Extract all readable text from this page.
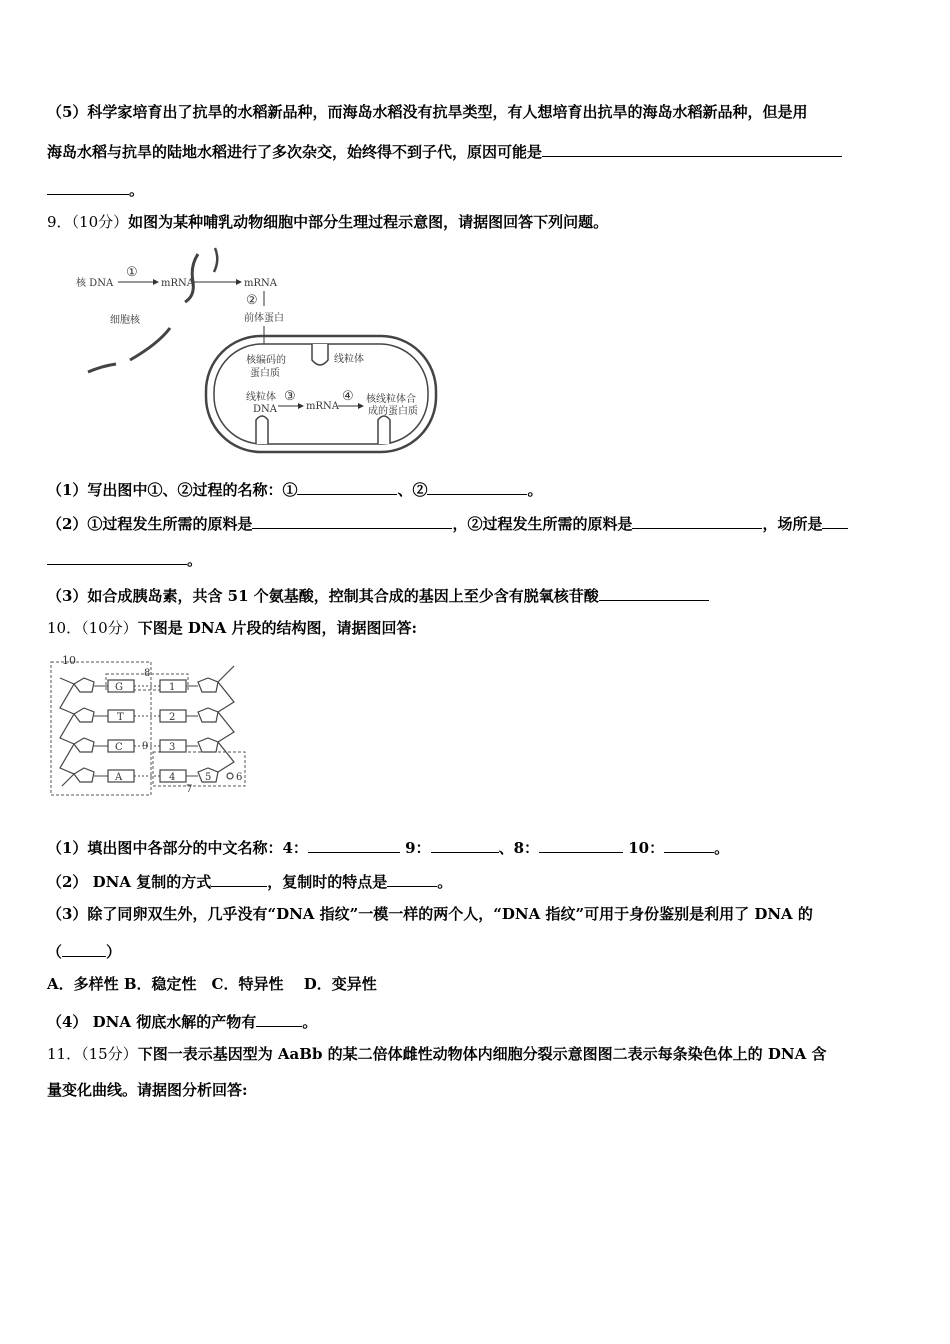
（5）科学家培育出了抗旱的水稻新品种，而海岛水稻没有抗旱类型，有人想培育出抗旱的海岛水稻新品种，但是用
海岛水稻与抗旱的陆地水稻进行了多次杂交，始终得不到子代，原因可能是
。
9．（10分）如图为某种哺乳动物细胞中部分生理过程示意图，请据图回答下列问题。
核 DNA
①
mRNA	mRNA
②
前体蛋白
细胞核
核编码的
蛋白质
线粒体
线粒体
DNA
③
mRNA
④ 核线粒体合
成的蛋白质
（1）写出图中①、②过程的名称：①	、②	。
（2）①过程发生所需的原料是	，②过程发生所需的原料是	，场所是
。
（3）如合成胰岛素，共含 51 个氨基酸，控制其合成的基因上至少含有脱氧核苷酸
10．（10分）下图是 DNA 片段的结构图，请据图回答:
10
8
7
6
G	1
T	2
C 9 3
A	4	5
（1）填出图中各部分的中文名称：4：	9：	、8：	10：	。
（2） DNA 复制的方式	，复制时的特点是	。
（3）除了同卵双生外，几乎没有“DNA 指纹”一模一样的两个人，“DNA 指纹”可用于身份鉴别是利用了 DNA 的
（	）
A．多样性 B．稳定性　C．特异性　 D．变异性
（4） DNA 彻底水解的产物有	。
11．（15分）下图一表示基因型为 AaBb 的某二倍体雌性动物体内细胞分裂示意图图二表示每条染色体上的 DNA 含
量变化曲线。请据图分析回答:
